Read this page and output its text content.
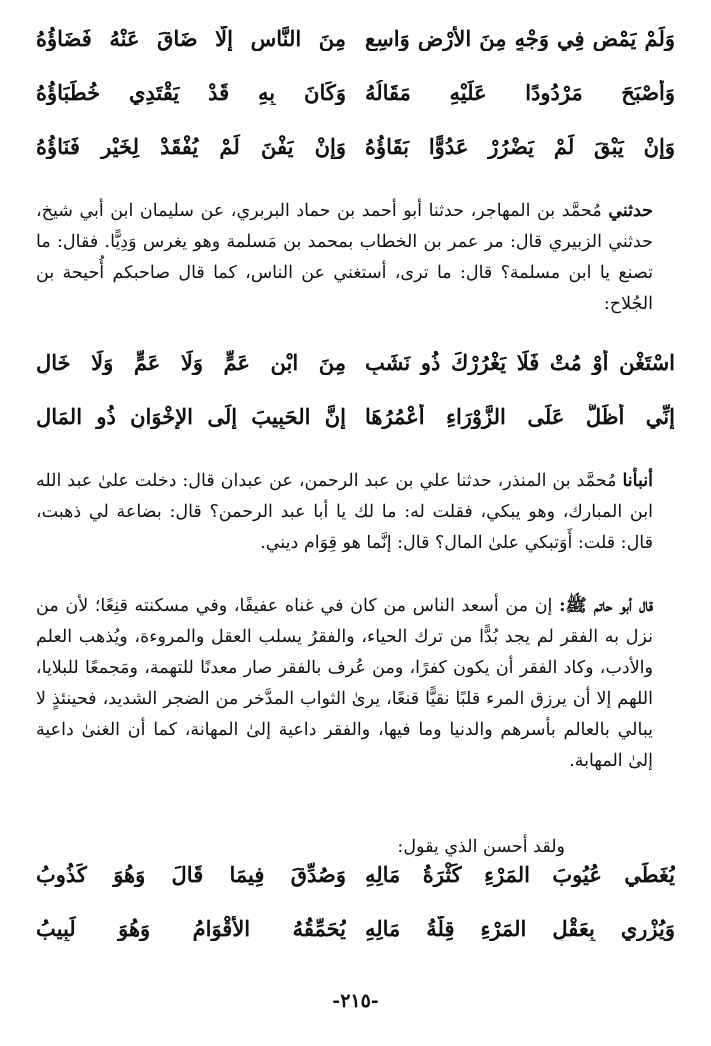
وَلَمْ يَمْضِ فِي وَجْهٍ مِنَ الأَرْضِ وَاسِعٍ
مِنَ النَّاسِ إِلَّا ضَاقَ عَنْهُ فَضَاؤُهُ
وَأَصْبَحَ مَرْدُودًا عَلَيْهِ مَقَالُهُ
وَكَانَ بِهِ قَدْ يَقْتَدِي خُطَبَاؤُهُ
وَإِنْ يَبْقَ لَمْ يَضْرُرْ عَدُوًّا بَقَاؤُهُ
وَإِنْ يَفْنَ لَمْ يُفْقَدْ لِخَيْرٍ فَنَاؤُهُ

حدثني مُحمَّد بن المهاجر، حدثنا أبو أحمد بن حماد البربري، عن سليمان ابن أبي شيخ، حدثني الزبيري قال: مر عمر بن الخطاب بمحمد بن مَسلمة وهو يغرس وَدِيًّا. فقال: ما تصنع يا ابن مسلمة؟ قال: ما ترى، أستغني عن الناس، كما قال صاحبكم أُحيحة بن الجُلاح:

اسْتَغْنِ أَوْ مُتْ فَلَا يَغْرُرْكَ ذُو نَشَبٍ
مِنَ ابْنِ عَمٍّ وَلَا عَمٍّ وَلَا خَالِ
إِنِّي أَظَلُّ عَلَى الزَّوْرَاءِ أَعْمُرُهَا
إِنَّ الحَبِيبَ إِلَى الإِخْوَانِ ذُو المَالِ

أنبأنا مُحمَّد بن المنذر، حدثنا علي بن عبد الرحمن، عن عبدان قال: دخلت علىٰ عبد الله ابن المبارك، وهو يبكي، فقلت له: ما لك يا أبا عبد الرحمن؟ قال: بضاعة لي ذهبت، قال: قلت: أَوَتبكي علىٰ المال؟ قال: إنَّما هو قِوَام ديني.

قال أبو حاتم ﷺ: إن من أسعد الناس من كان في غناه عفيفًا، وفي مسكنته قنِعًا؛ لأن من نزل به الفقر لم يجد بُدًّا من ترك الحياء، والفقرُ يسلب العقل والمروءة، ويُذهب العلم والأدب، وكاد الفقر أن يكون كفرًا، ومن عُرف بالفقر صار معدنًا للتهمة، ومَجمعًا للبلايا، اللهم إلا أن يرزق المرء قلبًا نقيًّا قنعًا، يرىٰ الثواب المدَّخر من الضجر الشديد، فحينئذٍ لا يبالي بالعالم بأسرهم والدنيا وما فيها، والفقر داعية إلىٰ المهانة، كما أن الغنىٰ داعية إلىٰ المهابة.

ولقد أحسن الذي يقول:
يُغَطِّي عُيُوبَ المَرْءِ كَثْرَةُ مَالِهِ
وَصُدِّقَ فِيمَا قَالَ وَهُوَ كَذُوبُ
وَيُزْرِي بِعَقْلِ المَرْءِ قِلَّةُ مَالِهِ
يُحَمِّقُهُ الأَقْوَامُ وَهُوَ لَبِيبُ
-٢١٥-
